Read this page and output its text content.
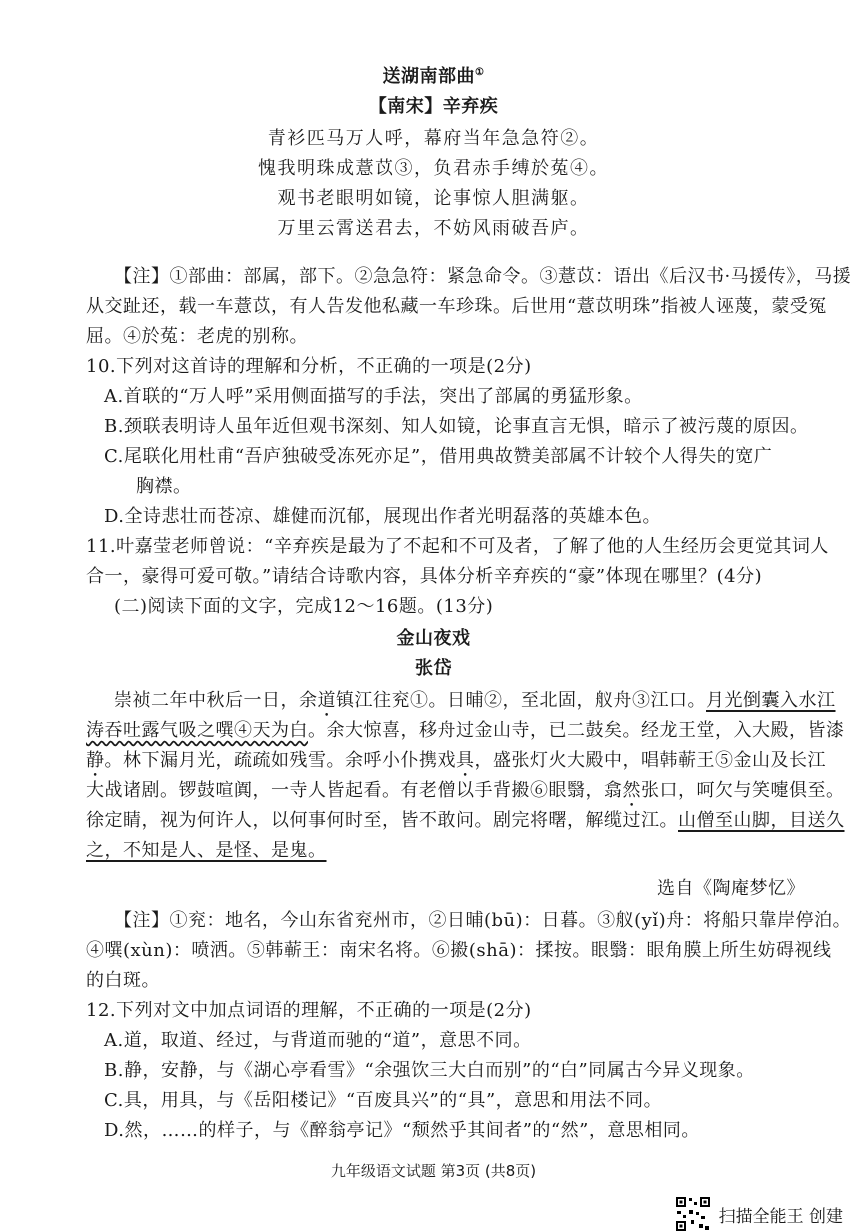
送湖南部曲①
【南宋】辛弃疾
青衫匹马万人呼，幕府当年急急符②。
愧我明珠成薏苡③，负君赤手缚於菟④。
观书老眼明如镜，论事惊人胆满躯。
万里云霄送君去，不妨风雨破吾庐。
【注】①部曲：部属，部下。②急急符：紧急命令。③薏苡：语出《后汉书·马援传》，马援
从交趾还，载一车薏苡，有人告发他私藏一车珍珠。后世用“薏苡明珠”指被人诬蔑，蒙受冤
屈。④於菟：老虎的别称。
10.下列对这首诗的理解和分析，不正确的一项是(2分)
A.首联的“万人呼”采用侧面描写的手法，突出了部属的勇猛形象。
B.颈联表明诗人虽年近但观书深刻、知人如镜，论事直言无惧，暗示了被污蔑的原因。
C.尾联化用杜甫“吾庐独破受冻死亦足”，借用典故赞美部属不计较个人得失的宽广
胸襟。
D.全诗悲壮而苍凉、雄健而沉郁，展现出作者光明磊落的英雄本色。
11.叶嘉莹老师曾说：“辛弃疾是最为了不起和不可及者，了解了他的人生经历会更觉其词人
合一，豪得可爱可敬。”请结合诗歌内容，具体分析辛弃疾的“豪”体现在哪里？(4分)
(二)阅读下面的文字，完成12～16题。(13分)
金山夜戏
张岱
崇祯二年中秋后一日，余道镇江往兖①。日晡②，至北固，舣舟③江口。月光倒囊入水江
涛吞吐露气吸之噀④天为白。余大惊喜，移舟过金山寺，已二鼓矣。经龙王堂，入大殿，皆漆
静。林下漏月光，疏疏如残雪。余呼小仆携戏具，盛张灯火大殿中，唱韩蕲王⑤金山及长江
大战诸剧。锣鼓喧阗，一寺人皆起看。有老僧以手背摋⑥眼翳，翕然张口，呵欠与笑嚏俱至。
徐定睛，视为何许人，以何事何时至，皆不敢问。剧完将曙，解缆过江。山僧至山脚，目送久
之，不知是人、是怪、是鬼。
选自《陶庵梦忆》
【注】①兖：地名，今山东省兖州市，②日晡(bū)：日暮。③舣(yǐ)舟：将船只靠岸停泊。
④噀(xùn)：喷洒。⑤韩蕲王：南宋名将。⑥摋(shā)：揉按。眼翳：眼角膜上所生妨碍视线
的白斑。
12.下列对文中加点词语的理解，不正确的一项是(2分)
A.道，取道、经过，与背道而驰的“道”，意思不同。
九年级语文试题 第3页 (共8页)
扫描全能王 创建
B.静，安静，与《湖心亭看雪》“余强饮三大白而别”的“白”同属古今异义现象。
C.具，用具，与《岳阳楼记》“百废具兴”的“具”，意思和用法不同。
D.然，……的样子，与《醉翁亭记》“颓然乎其间者”的“然”，意思相同。
